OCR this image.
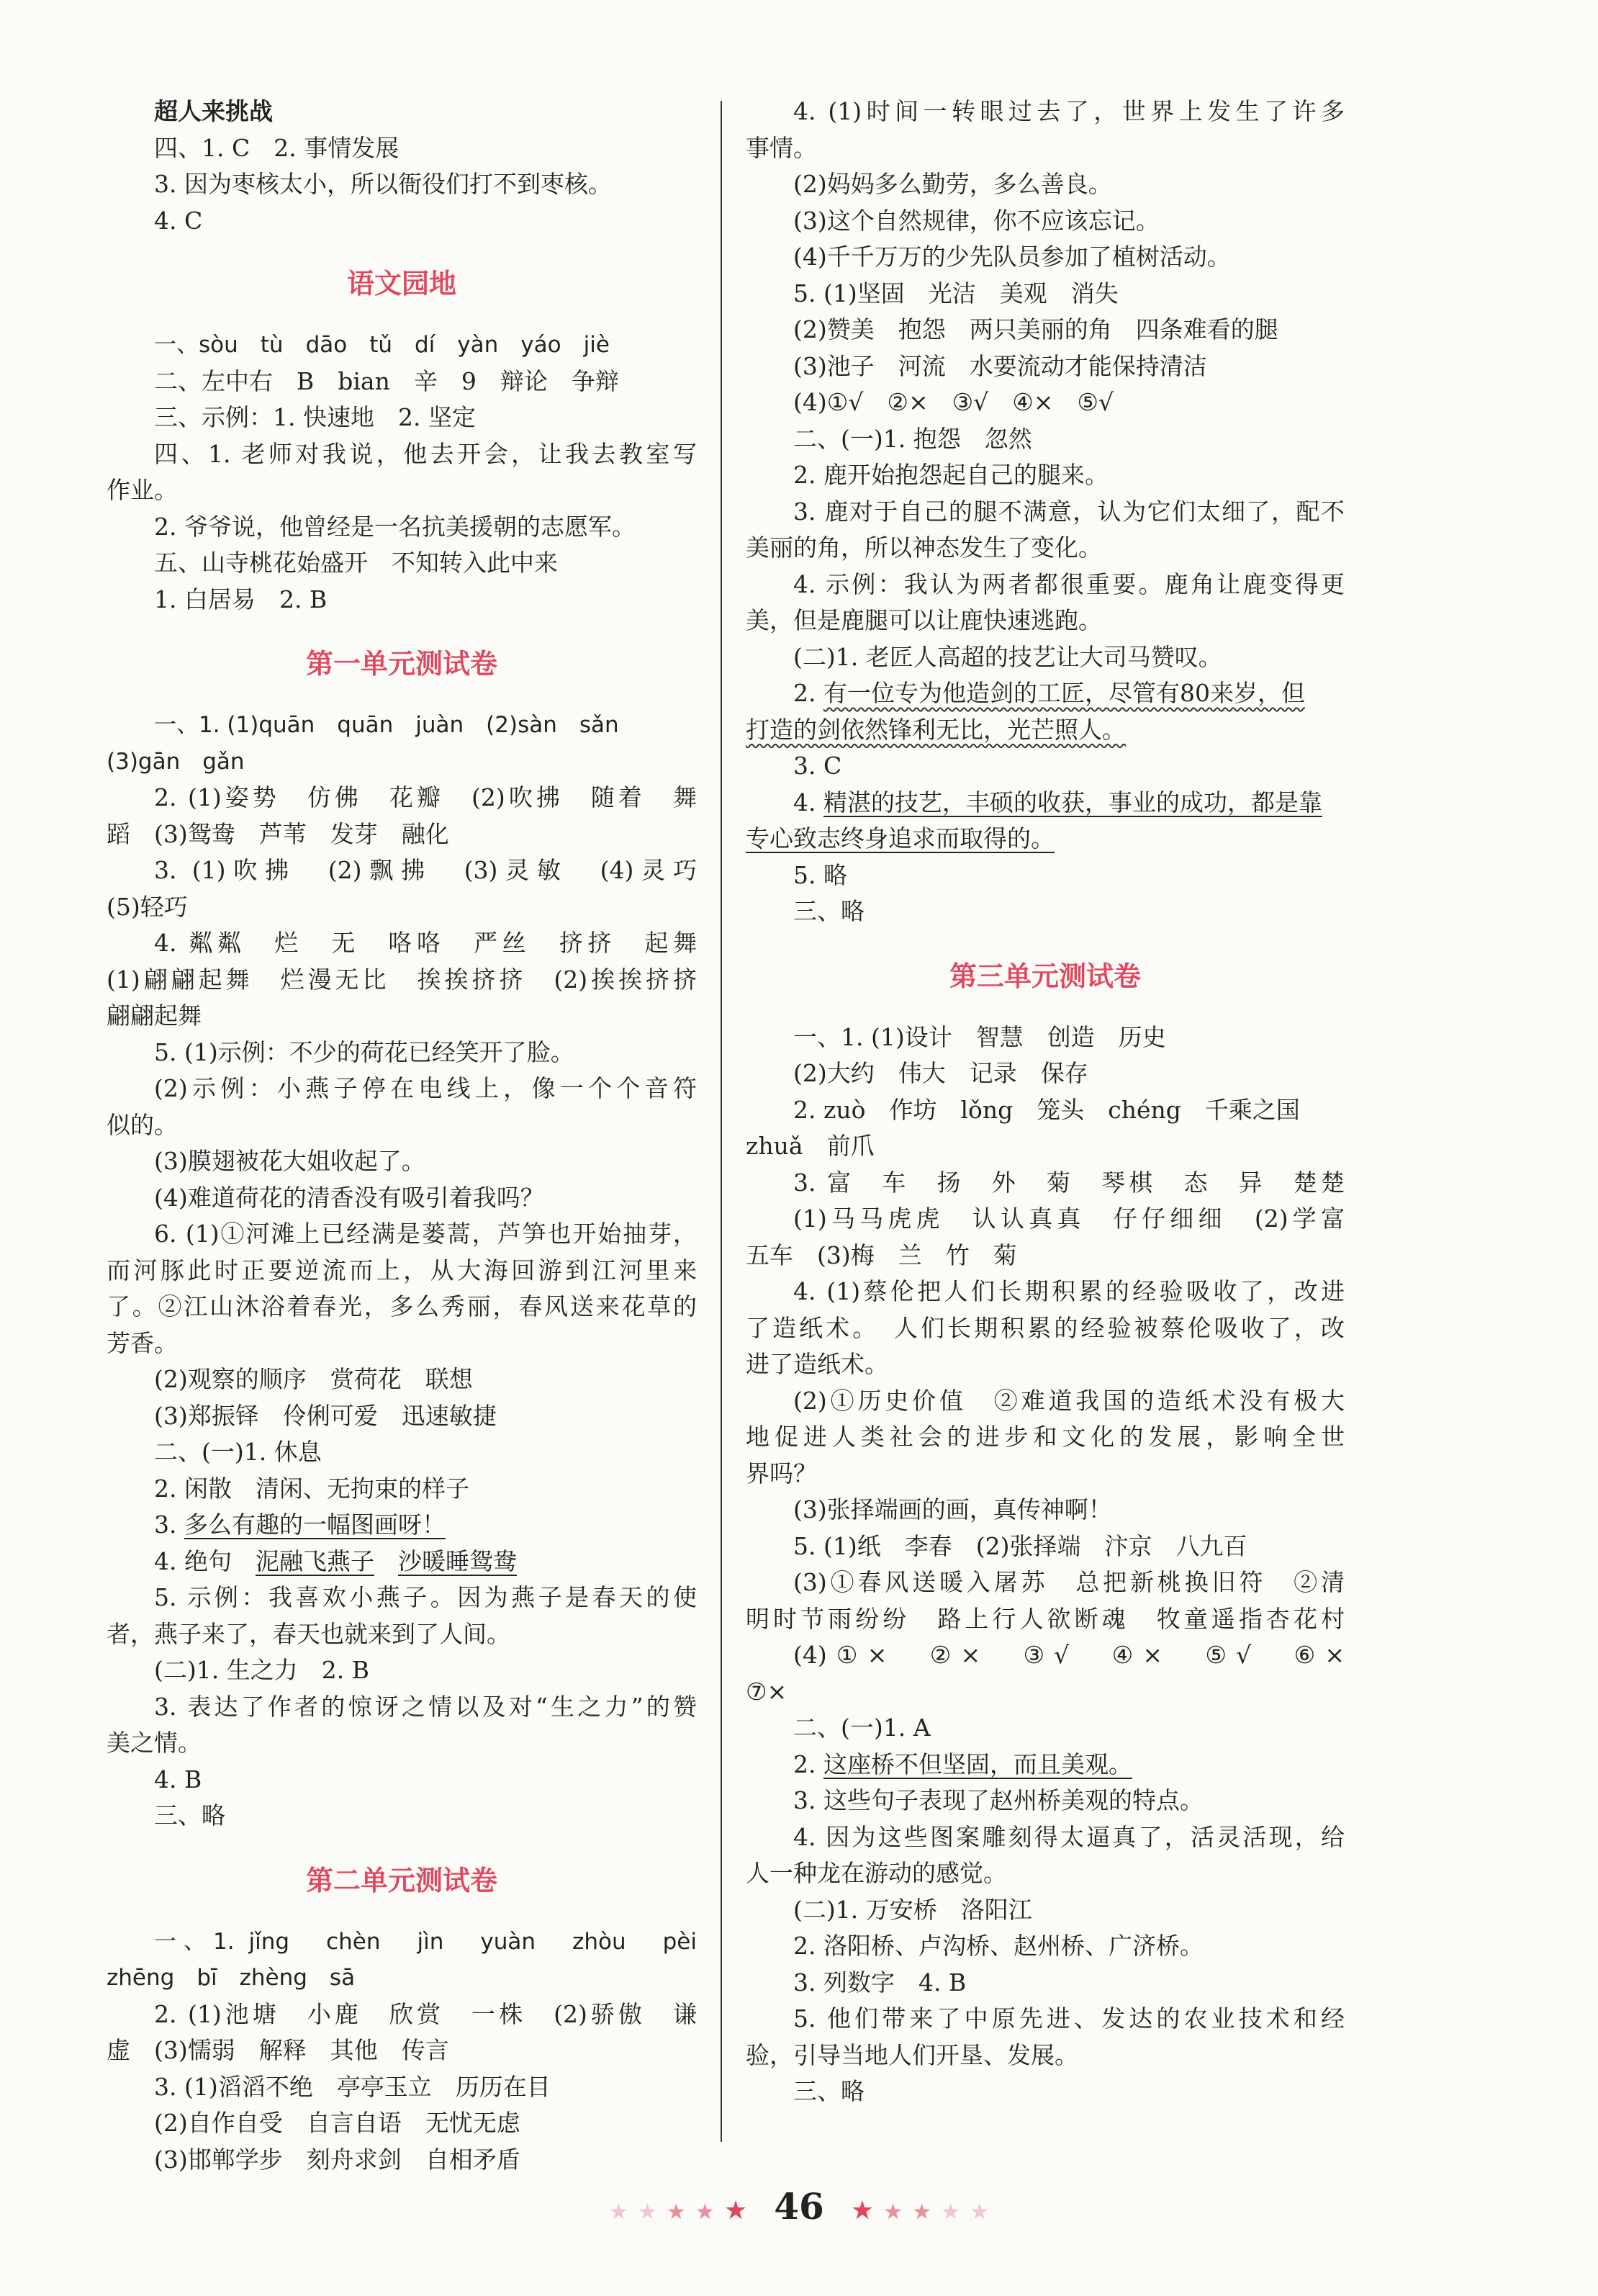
超人来挑战
四、1. C　2. 事情发展
3. 因为枣核太小，所以衙役们打不到枣核。
4. C
语文园地
一、sòu　tù　dāo　tǔ　dí　yàn　yáo　jiè
二、左中右　B　bian　辛　9　辩论　争辩
三、示例：1. 快速地　2. 坚定
四、1. 老师对我说，他去开会，让我去教室写
作业。
2. 爷爷说，他曾经是一名抗美援朝的志愿军。
五、山寺桃花始盛开　不知转入此中来
1. 白居易　2. B
第一单元测试卷
一、1. (1)quān　quān　juàn　(2)sàn　sǎn
(3)gān　gǎn
2. (1)姿势　仿佛　花瓣　(2)吹拂　随着　舞
蹈　(3)鸳鸯　芦苇　发芽　融化
3. (1)吹拂　(2)飘拂　(3)灵敏　(4)灵巧
(5)轻巧
4. 粼粼　烂　无　咯咯　严丝　挤挤　起舞
(1)翩翩起舞　烂漫无比　挨挨挤挤　(2)挨挨挤挤
翩翩起舞
5. (1)示例：不少的荷花已经笑开了脸。
(2)示例：小燕子停在电线上，像一个个音符
似的。
(3)膜翅被花大姐收起了。
(4)难道荷花的清香没有吸引着我吗？
6. (1)①河滩上已经满是蒌蒿，芦笋也开始抽芽，
而河豚此时正要逆流而上，从大海回游到江河里来
了。②江山沐浴着春光，多么秀丽，春风送来花草的
芳香。
(2)观察的顺序　赏荷花　联想
(3)郑振铎　伶俐可爱　迅速敏捷
二、(一)1. 休息
2. 闲散　清闲、无拘束的样子
3. 多么有趣的一幅图画呀！
4. 绝句　泥融飞燕子　 沙暖睡鸳鸯
5. 示例：我喜欢小燕子。因为燕子是春天的使
者，燕子来了，春天也就来到了人间。
(二)1. 生之力　2. B
3. 表达了作者的惊讶之情以及对“生之力”的赞
美之情。
4. B
三、略
第二单元测试卷
一、1. jǐng　chèn　jìn　yuàn　zhòu　pèi
zhēng　bī　zhèng　sā
2. (1)池塘　小鹿　欣赏　一株　(2)骄傲　谦
虚　(3)懦弱　解释　其他　传言
3. (1)滔滔不绝　亭亭玉立　历历在目
(2)自作自受　自言自语　无忧无虑
(3)邯郸学步　刻舟求剑　自相矛盾
4. (1)时间一转眼过去了，世界上发生了许多
事情。
(2)妈妈多么勤劳，多么善良。
(3)这个自然规律，你不应该忘记。
(4)千千万万的少先队员参加了植树活动。
5. (1)坚固　光洁　美观　消失
(2)赞美　抱怨　两只美丽的角　四条难看的腿
(3)池子　河流　水要流动才能保持清洁
(4)①√　②×　③√　④×　⑤√
二、(一)1. 抱怨　忽然
2. 鹿开始抱怨起自己的腿来。
3. 鹿对于自己的腿不满意，认为它们太细了，配不
美丽的角，所以神态发生了变化。
4. 示例：我认为两者都很重要。鹿角让鹿变得更
美，但是鹿腿可以让鹿快速逃跑。
(二)1. 老匠人高超的技艺让大司马赞叹。
2. 有一位专为他造剑的工匠，尽管有80来岁，但
打造的剑依然锋利无比，光芒照人。
3. C
4. 精湛的技艺，丰硕的收获，事业的成功，都是靠
专心致志终身追求而取得的。
5. 略
三、略
第三单元测试卷
一、1. (1)设计　智慧　创造　历史
(2)大约　伟大　记录　保存
2. zuò　作坊　lǒng　笼头　chéng　千乘之国
zhuǎ　前爪
3. 富　车　扬　外　菊　琴棋　态　异　楚楚
(1)马马虎虎　认认真真　仔仔细细　(2)学富
五车　(3)梅　兰　竹　菊
4. (1)蔡伦把人们长期积累的经验吸收了，改进
了造纸术。　人们长期积累的经验被蔡伦吸收了，改
进了造纸术。
(2)①历史价值　②难道我国的造纸术没有极大
地促进人类社会的进步和文化的发展，影响全世
界吗？
(3)张择端画的画，真传神啊！
5. (1)纸　李春　(2)张择端　汴京　八九百
(3)①春风送暖入屠苏　总把新桃换旧符　②清
明时节雨纷纷　路上行人欲断魂　牧童遥指杏花村
(4)①×　②×　③√　④×　⑤√　⑥×
⑦×
二、(一)1. A
2. 这座桥不但坚固，而且美观。
3. 这些句子表现了赵州桥美观的特点。
4. 因为这些图案雕刻得太逼真了，活灵活现，给
人一种龙在游动的感觉。
(二)1. 万安桥　洛阳江
2. 洛阳桥、卢沟桥、赵州桥、广济桥。
3. 列数字　4. B
5. 他们带来了中原先进、发达的农业技术和经
验，引导当地人们开垦、发展。
三、略
★ ★ ★ ★ ★ 46 ★ ★ ★ ★ ★
